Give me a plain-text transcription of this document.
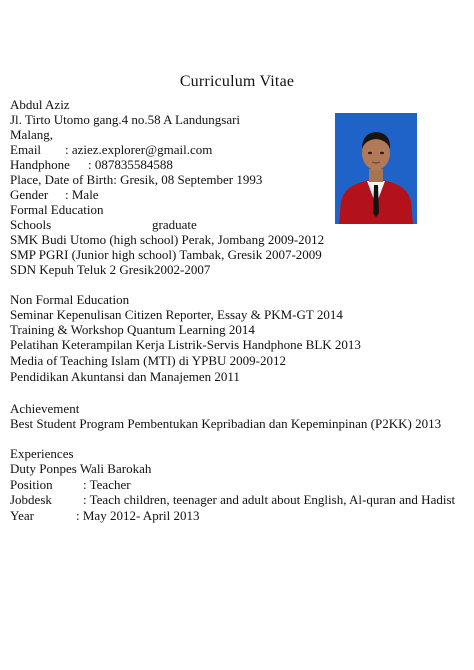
Curriculum Vitae
Abdul Aziz
Jl. Tirto Utomo gang.4 no.58 A Landungsari
Malang,
Email : aziez.explorer@gmail.com
Handphone : 087835584588
Place, Date of Birth: Gresik, 08 September 1993
Gender : Male
Formal Education
Schools	graduate
SMK Budi Utomo (high school) Perak, Jombang 2009-2012
SMP PGRI (Junior high school) Tambak, Gresik 2007-2009
SDN Kepuh Teluk 2 Gresik2002-2007
Non Formal Education
Seminar Kepenulisan Citizen Reporter, Essay & PKM-GT 2014
Training & Workshop Quantum Learning 2014
Pelatihan Keterampilan Kerja Listrik-Servis Handphone BLK 2013
Media of Teaching Islam (MTI) di YPBU 2009-2012
Pendidikan Akuntansi dan Manajemen 2011
Achievement
Best Student Program Pembentukan Kepribadian dan Kepeminpinan (P2KK) 2013
Experiences
Duty Ponpes Wali Barokah
Position : Teacher
Jobdesk : Teach children, teenager and adult about English, Al-quran and Hadist
Year	: May 2012- April 2013
